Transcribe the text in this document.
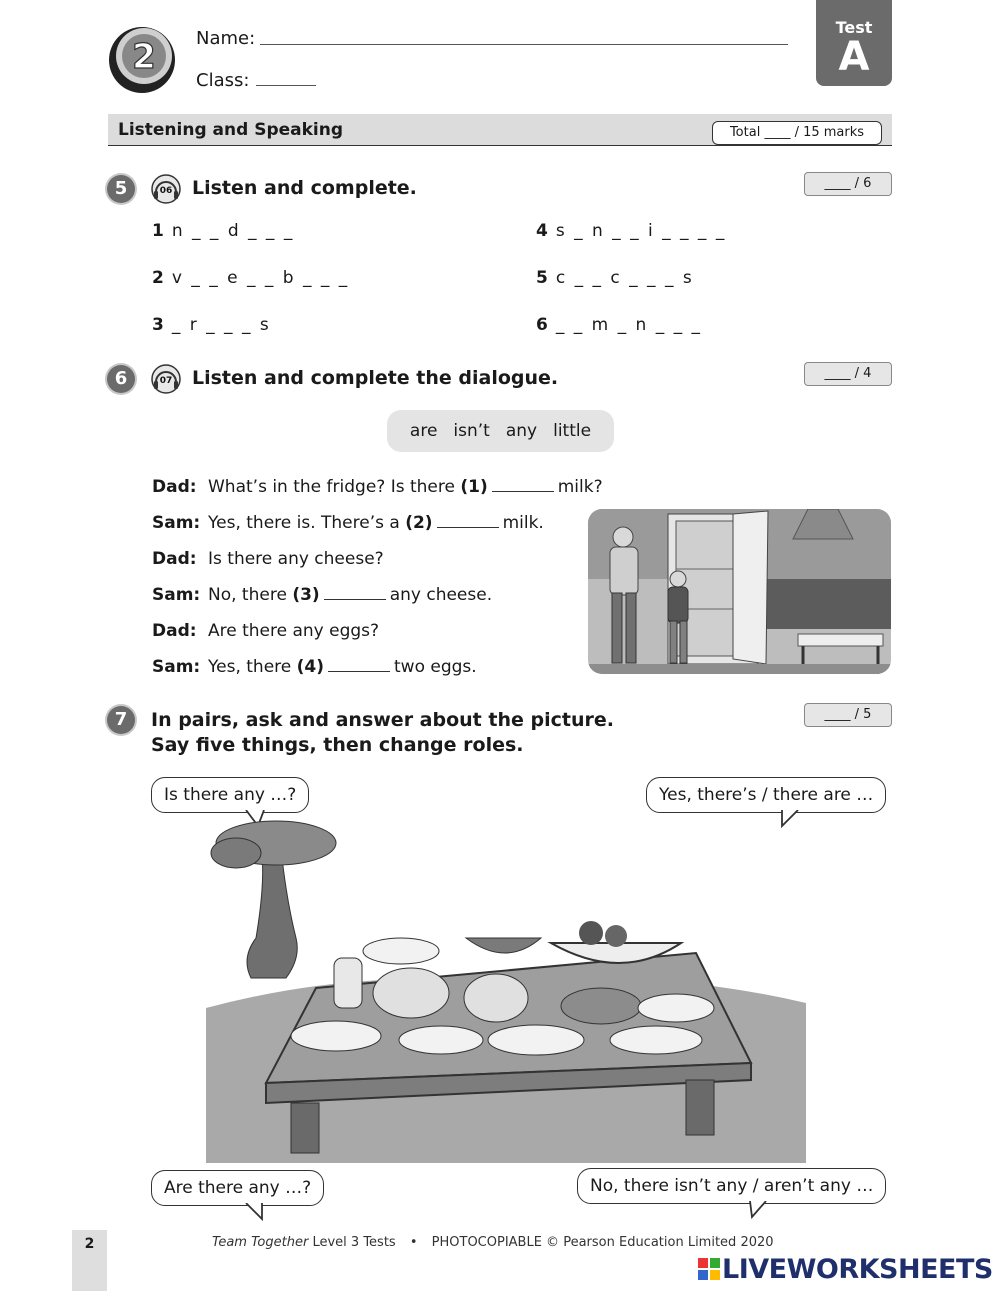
2 Name:
Class:
Test
A
Listening and Speaking	Total ____ / 15 marks
5	06 Listen and complete.	____ / 6
1 n _ _ d _ _ _
2 v _ _ e _ _ b _ _ _
3 _ r _ _ _ s
4 s _ n _ _ i _ _ _ _
5 c _ _ c _ _ _ s
6 _ _ m _ n _ _ _
6	07 Listen and complete the dialogue.	____ / 4
are isn’t any little
Dad: What’s in the fridge? Is there (1)	milk?
Sam: Yes, there is. There’s a (2)	milk.
Dad: Is there any cheese?
Sam: No, there (3)	any cheese.
Dad: Are there any eggs?
Sam: Yes, there (4)	two eggs.
7	In pairs, ask and answer about the picture.
Say five things, then change roles.
____ / 5
Is there any …?	Yes, there’s / there are …
Are there any …?	No, there isn’t any / aren’t any …
2	Team Together Level 3 Tests • PHOTOCOPIABLE © Pearson Education Limited 2020
LIVEWORKSHEETS
